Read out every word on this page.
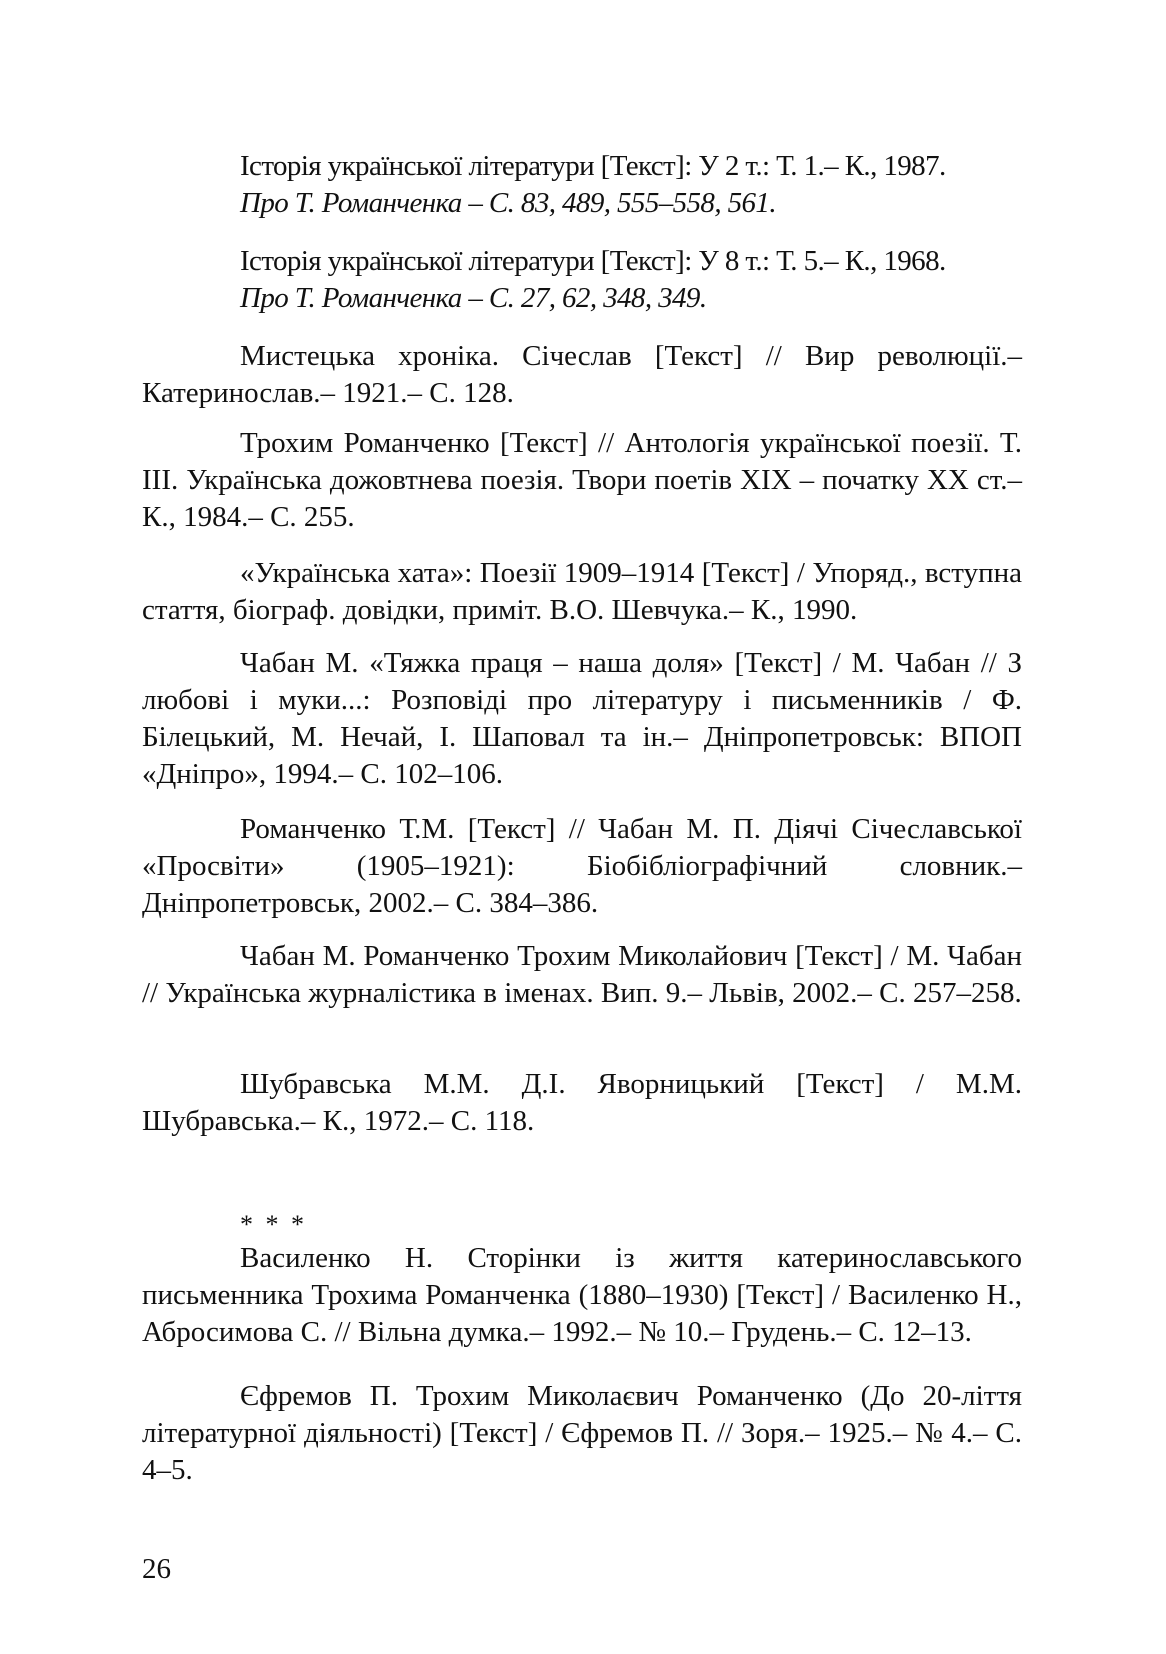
Історія української літератури [Текст]: У 2 т.: Т. 1.– К., 1987.
Про Т. Романченка – С. 83, 489, 555–558, 561.

Історія української літератури [Текст]: У 8 т.: Т. 5.– К., 1968.
Про Т. Романченка – С. 27, 62, 348, 349.

Мистецька хроніка. Січеслав [Текст] // Вир революції.– Катеринослав.– 1921.– С. 128.

Трохим Романченко [Текст] // Антологія української поезії. Т. III. Українська дожовтнева поезія. Твори поетів XIX – початку XX ст.– К., 1984.– С. 255.

«Українська хата»: Поезії 1909–1914 [Текст] / Упоряд., вступна стаття, біограф. довідки, приміт. В.О. Шевчука.– К., 1990.

Чабан М. «Тяжка праця – наша доля» [Текст] / М. Чабан // З любові і муки...: Розповіді про літературу і письменників / Ф. Білецький, М. Нечай, І. Шаповал та ін.– Дніпропетровськ: ВПОП «Дніпро», 1994.– С. 102–106.

Романченко Т.М. [Текст] // Чабан М. П. Діячі Січеславської «Просвіти» (1905–1921): Біобібліографічний словник.– Дніпропетровськ, 2002.– С. 384–386.

Чабан М. Романченко Трохим Миколайович [Текст] / М. Чабан // Українська журналістика в іменах. Вип. 9.– Львів, 2002.– С. 257–258.

Шубравська М.М. Д.І. Яворницький [Текст] / М.М. Шубравська.– К., 1972.– С. 118.

* * *

Василенко Н. Сторінки із життя катеринославського письменника Трохима Романченка (1880–1930) [Текст] / Василенко Н., Абросимова С. // Вільна думка.– 1992.– № 10.– Грудень.– С. 12–13.

Єфремов П. Трохим Миколаєвич Романченко (До 20-ліття літературної діяльності) [Текст] / Єфремов П. // Зоря.– 1925.– № 4.– С. 4–5.

26
